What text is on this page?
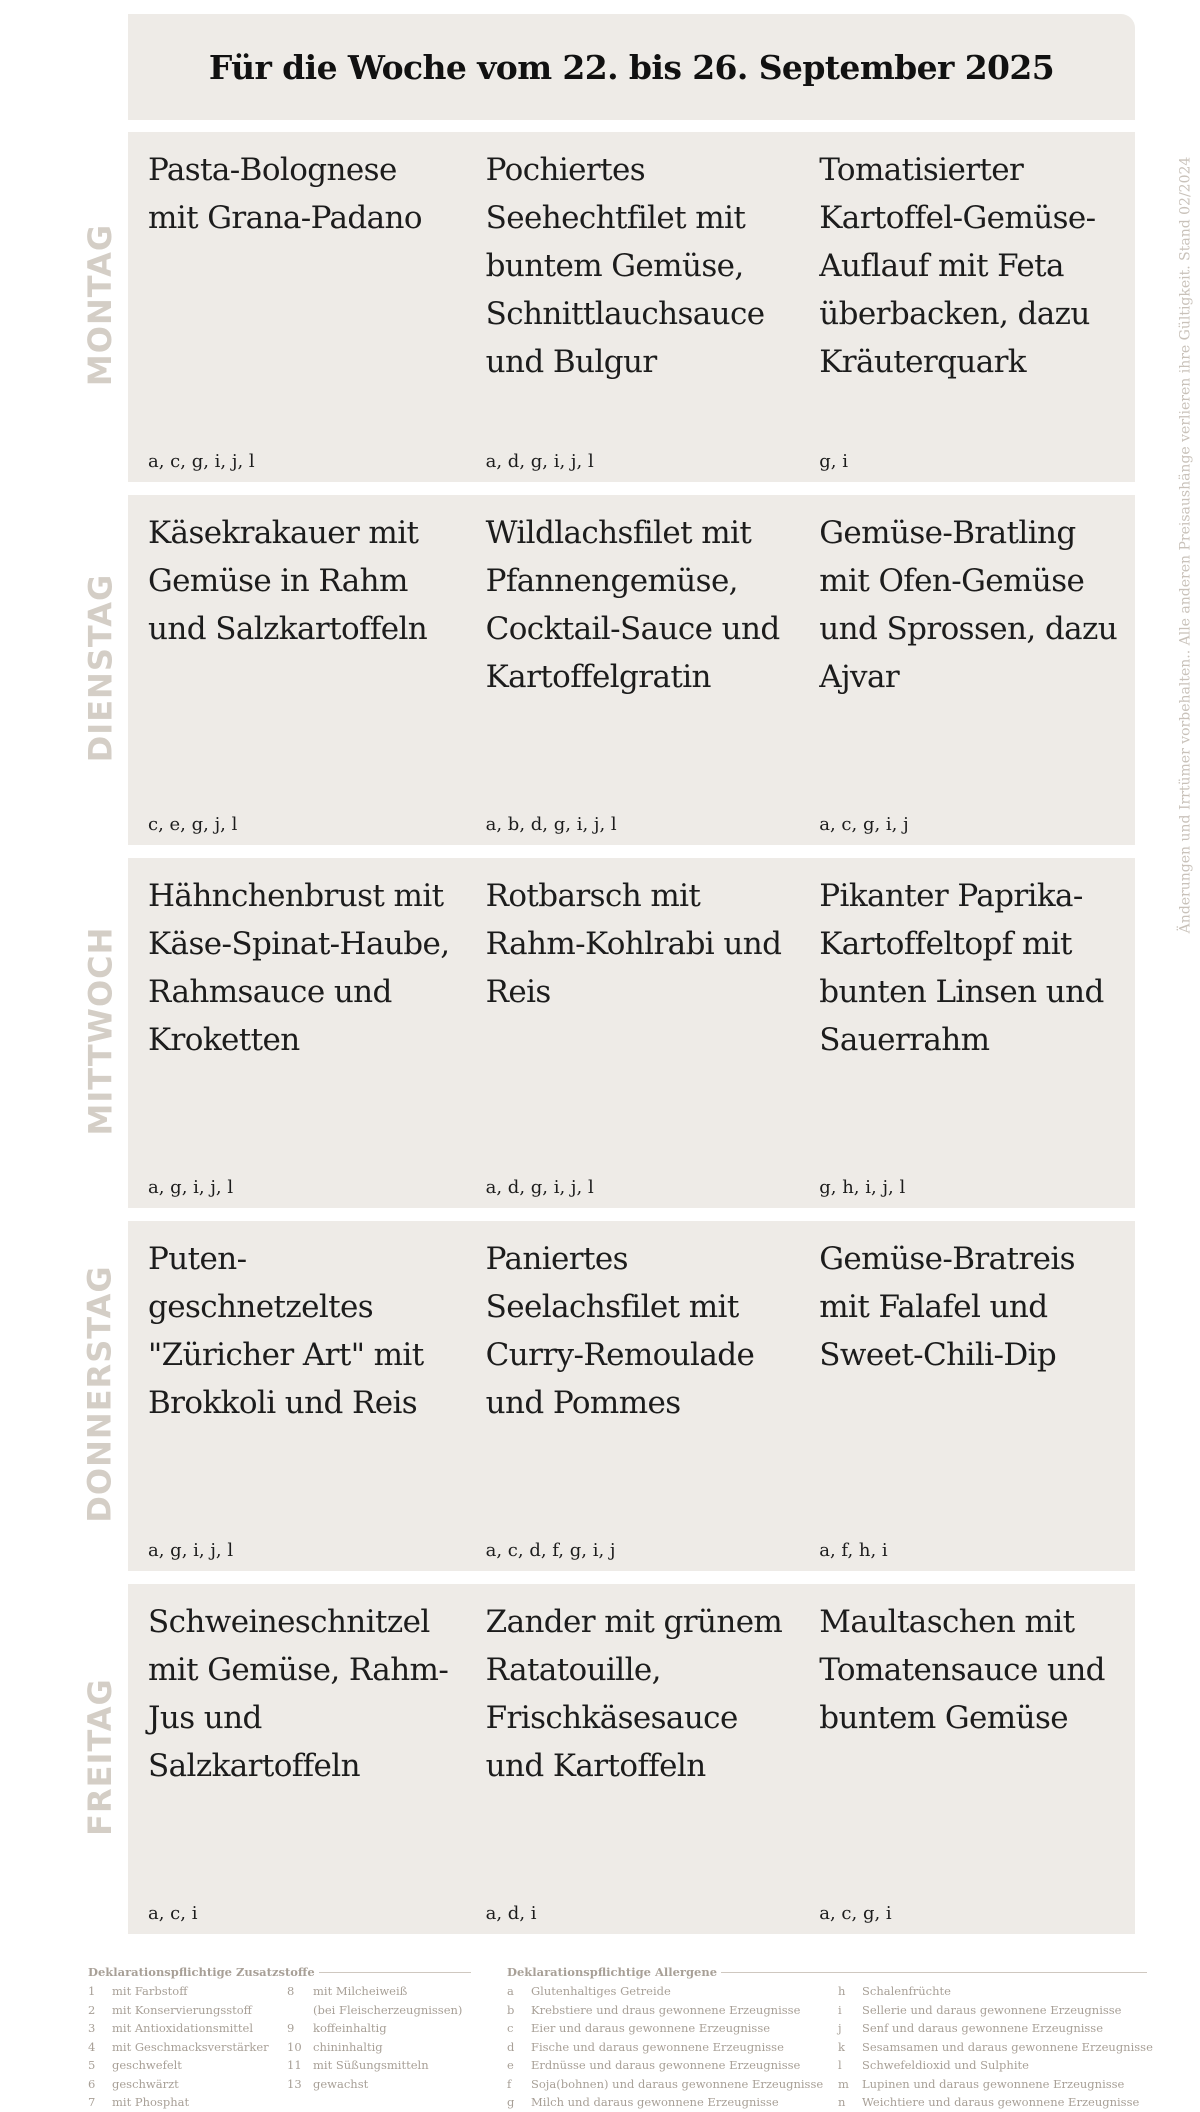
Für die Woche vom 22. bis 26. September 2025
Änderungen und Irrtümer vorbehalten.. Alle anderen Preisaushänge verlieren ihre Gültigkeit. Stand 02/2024
MONTAG
Pasta-Bolognese mit Grana-Padano
a, c, g, i, j, l
Pochiertes Seehechtfilet mit buntem Gemüse, Schnittlauchsauce und Bulgur
a, d, g, i, j, l
Tomatisierter Kartoffel-Gemüse-Auflauf mit Feta überbacken, dazu Kräuterquark
g, i
DIENSTAG
Käsekrakauer mit Gemüse in Rahm und Salzkartoffeln
c, e, g, j, l
Wildlachsfilet mit Pfannengemüse, Cocktail-Sauce und Kartoffelgratin
a, b, d, g, i, j, l
Gemüse-Bratling mit Ofen-Gemüse und Sprossen, dazu Ajvar
a, c, g, i, j
MITTWOCH
Hähnchenbrust mit Käse-Spinat-Haube, Rahmsauce und Kroketten
a, g, i, j, l
Rotbarsch mit Rahm-Kohlrabi und Reis
a, d, g, i, j, l
Pikanter Paprika-Kartoffeltopf mit bunten Linsen und Sauerrahm
g, h, i, j, l
DONNERSTAG
Puten-geschnetzeltes "Züricher Art" mit Brokkoli und Reis
a, g, i, j, l
Paniertes Seelachsfilet mit Curry-Remoulade und Pommes
a, c, d, f, g, i, j
Gemüse-Bratreis mit Falafel und Sweet-Chili-Dip
a, f, h, i
FREITAG
Schweineschnitzel mit Gemüse, Rahm-Jus und Salzkartoffeln
a, c, i
Zander mit grünem Ratatouille, Frischkäsesauce und Kartoffeln
a, d, i
Maultaschen mit Tomatensauce und buntem Gemüse
a, c, g, i
Deklarationspflichtige Zusatzstoffe
1	mit Farbstoff
2	mit Konservierungsstoff
3	mit Antioxidationsmittel
4	mit Geschmacksverstärker
5	geschwefelt
6	geschwärzt
7	mit Phosphat
8	mit Milcheiweiß
(bei Fleischerzeugnissen)
9	koffeinhaltig
10 chininhaltig
11 mit Süßungsmitteln
13 gewachst
Deklarationspflichtige Allergene
a	Glutenhaltiges Getreide
b	Krebstiere und draus gewonnene Erzeugnisse
c	Eier und daraus gewonnene Erzeugnisse
d	Fische und daraus gewonnene Erzeugnisse
e	Erdnüsse und daraus gewonnene Erzeugnisse
f	Soja(bohnen) und daraus gewonnene Erzeugnisse
g	Milch und daraus gewonnene Erzeugnisse
h	Schalenfrüchte
i	Sellerie und daraus gewonnene Erzeugnisse
j	Senf und daraus gewonnene Erzeugnisse
k	Sesamsamen und daraus gewonnene Erzeugnisse
l	Schwefeldioxid und Sulphite
m	Lupinen und daraus gewonnene Erzeugnisse
n	Weichtiere und daraus gewonnene Erzeugnisse
